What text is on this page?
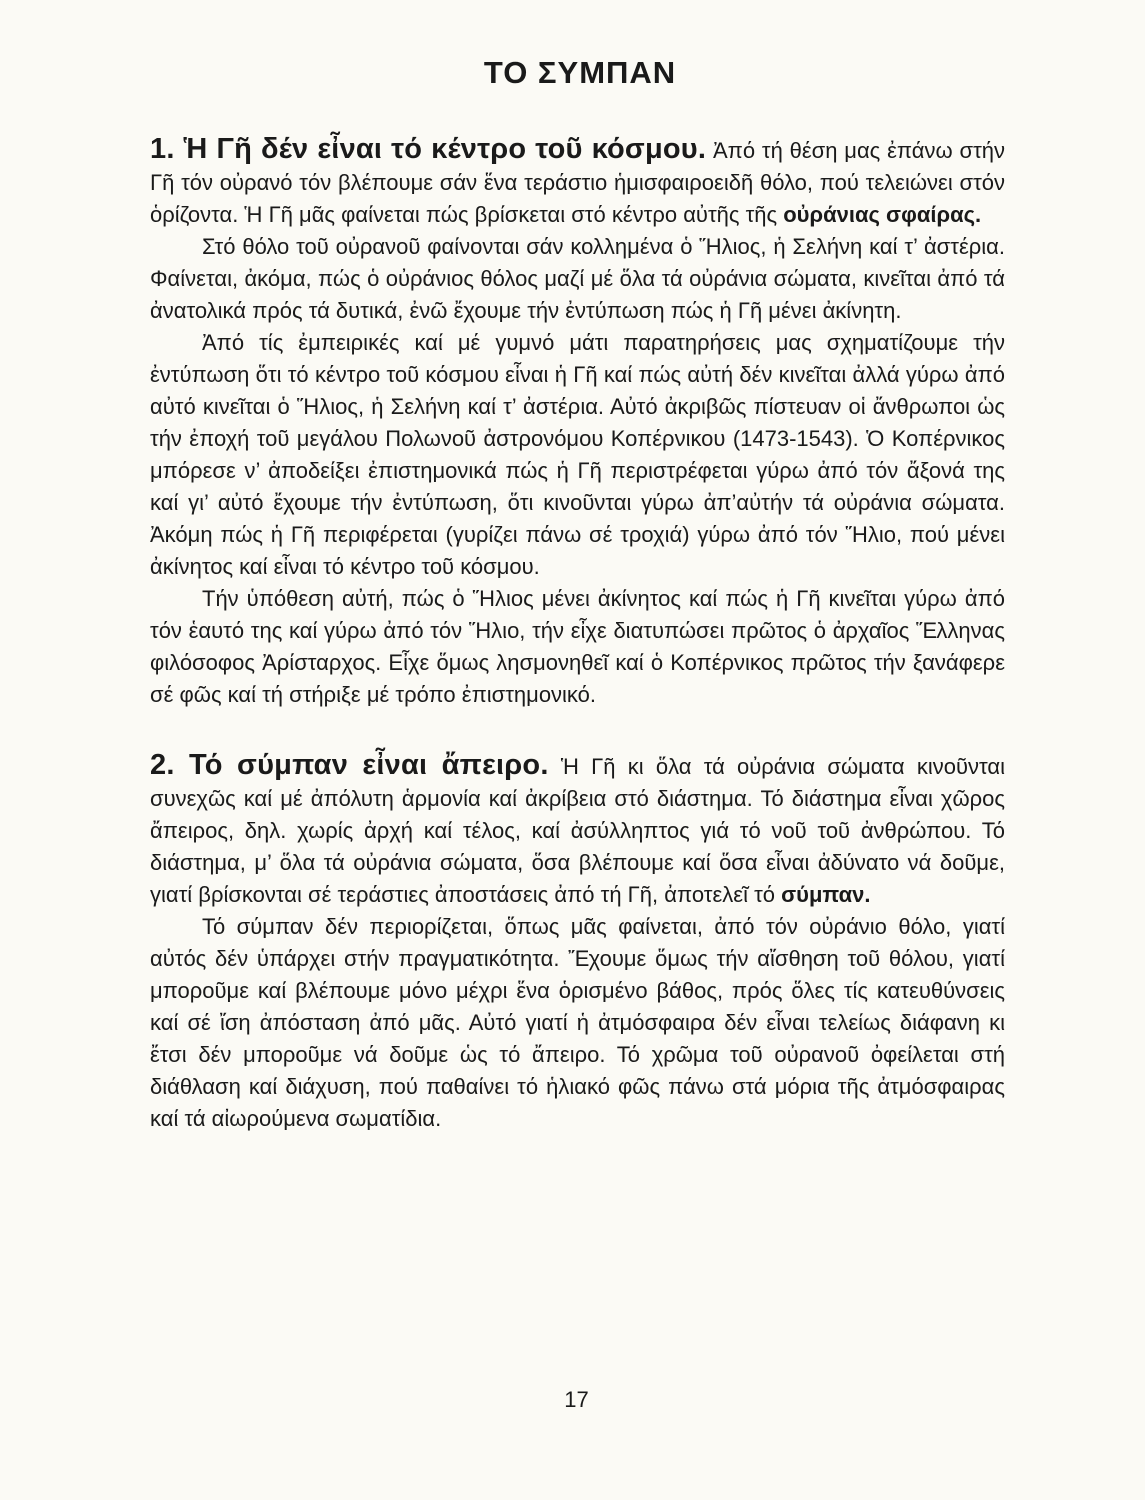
ΤΟ ΣΥΜΠΑΝ

1. Ἡ Γῆ δέν εἶναι τό κέντρο τοῦ κόσμου. Ἀπό τή θέση μας ἐπάνω στήν Γῆ τόν οὐρανό τόν βλέπουμε σάν ἕνα τεράστιο ἡμισφαιροειδῆ θόλο, πού τελειώνει στόν ὁρίζοντα. Ἡ Γῆ μᾶς φαίνεται πώς βρίσκεται στό κέντρο αὐτῆς τῆς οὐράνιας σφαίρας.

Στό θόλο τοῦ οὐρανοῦ φαίνονται σάν κολλημένα ὁ Ἥλιος, ἡ Σελήνη καί τ’ ἀστέρια. Φαίνεται, ἀκόμα, πώς ὁ οὐράνιος θόλος μαζί μέ ὅλα τά οὐράνια σώματα, κινεῖται ἀπό τά ἀνατολικά πρός τά δυτικά, ἐνῶ ἔχουμε τήν ἐντύπωση πώς ἡ Γῆ μένει ἀκίνητη.

Ἀπό τίς ἐμπειρικές καί μέ γυμνό μάτι παρατηρήσεις μας σχηματίζουμε τήν ἐντύπωση ὅτι τό κέντρο τοῦ κόσμου εἶναι ἡ Γῆ καί πώς αὐτή δέν κινεῖται ἀλλά γύρω ἀπό αὐτό κινεῖται ὁ Ἥλιος, ἡ Σελήνη καί τ’ ἀστέρια. Αὐτό ἀκριβῶς πίστευαν οἱ ἄνθρωποι ὡς τήν ἐποχή τοῦ μεγάλου Πολωνοῦ ἀστρονόμου Κοπέρνικου (1473-1543). Ὁ Κοπέρνικος μπόρεσε ν’ ἀποδείξει ἐπιστημονικά πώς ἡ Γῆ περιστρέφεται γύρω ἀπό τόν ἄξονά της καί γι’ αὐτό ἔχουμε τήν ἐντύπωση, ὅτι κινοῦνται γύρω ἀπ’αὐτήν τά οὐράνια σώματα. Ἀκόμη πώς ἡ Γῆ περιφέρεται (γυρίζει πάνω σέ τροχιά) γύρω ἀπό τόν Ἥλιο, πού μένει ἀκίνητος καί εἶναι τό κέντρο τοῦ κόσμου.

Τήν ὑπόθεση αὐτή, πώς ὁ Ἥλιος μένει ἀκίνητος καί πώς ἡ Γῆ κινεῖται γύρω ἀπό τόν ἑαυτό της καί γύρω ἀπό τόν Ἥλιο, τήν εἶχε διατυπώσει πρῶτος ὁ ἀρχαῖος Ἕλληνας φιλόσοφος Ἀρίσταρχος. Εἶχε ὅμως λησμονηθεῖ καί ὁ Κοπέρνικος πρῶτος τήν ξανάφερε σέ φῶς καί τή στήριξε μέ τρόπο ἐπιστημονικό.

2. Τό σύμπαν εἶναι ἄπειρο. Ἡ Γῆ κι ὅλα τά οὐράνια σώματα κινοῦνται συνεχῶς καί μέ ἀπόλυτη ἁρμονία καί ἀκρίβεια στό διάστημα. Τό διάστημα εἶναι χῶρος ἄπειρος, δηλ. χωρίς ἀρχή καί τέλος, καί ἀσύλληπτος γιά τό νοῦ τοῦ ἀνθρώπου. Τό διάστημα, μ’ ὅλα τά οὐράνια σώματα, ὅσα βλέπουμε καί ὅσα εἶναι ἀδύνατο νά δοῦμε, γιατί βρίσκονται σέ τεράστιες ἀποστάσεις ἀπό τή Γῆ, ἀποτελεῖ τό σύμπαν.

Τό σύμπαν δέν περιορίζεται, ὅπως μᾶς φαίνεται, ἀπό τόν οὐράνιο θόλο, γιατί αὐτός δέν ὑπάρχει στήν πραγματικότητα. Ἔχουμε ὅμως τήν αἴσθηση τοῦ θόλου, γιατί μποροῦμε καί βλέπουμε μόνο μέχρι ἕνα ὁρισμένο βάθος, πρός ὅλες τίς κατευθύνσεις καί σέ ἴση ἀπόσταση ἀπό μᾶς. Αὐτό γιατί ἡ ἀτμόσφαιρα δέν εἶναι τελείως διάφανη κι ἔτσι δέν μποροῦμε νά δοῦμε ὡς τό ἄπειρο. Τό χρῶμα τοῦ οὐρανοῦ ὀφείλεται στή διάθλαση καί διάχυση, πού παθαίνει τό ἡλιακό φῶς πάνω στά μόρια τῆς ἀτμόσφαιρας καί τά αἰωρούμενα σωματίδια.

17
